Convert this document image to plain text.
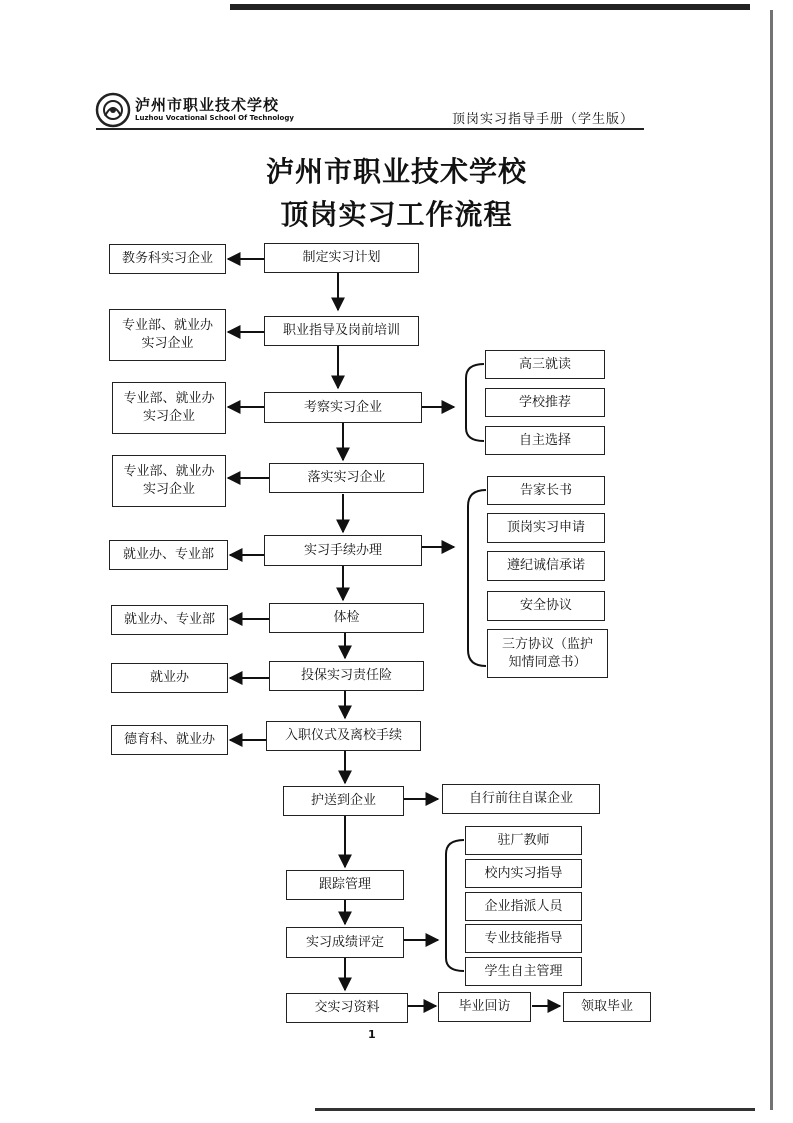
泸州市职业技术学校
Luzhou Vocational School Of Technology	顶岗实习指导手册（学生版）
泸州市职业技术学校
顶岗实习工作流程
制定实习计划
职业指导及岗前培训
考察实习企业
落实实习企业
实习手续办理
体检
投保实习责任险
入职仪式及离校手续
护送到企业
跟踪管理
实习成绩评定
交实习资料
教务科实习企业
专业部、就业办
实习企业
专业部、就业办
实习企业
专业部、就业办
实习企业
就业办、专业部
就业办、专业部
就业办
德育科、就业办
高三就读
学校推荐
自主选择
告家长书
顶岗实习申请
遵纪诚信承诺
安全协议
三方协议（监护
知情同意书）
自行前往自谋企业
驻厂教师
校内实习指导
企业指派人员
专业技能指导
学生自主管理
毕业回访	领取毕业
1
